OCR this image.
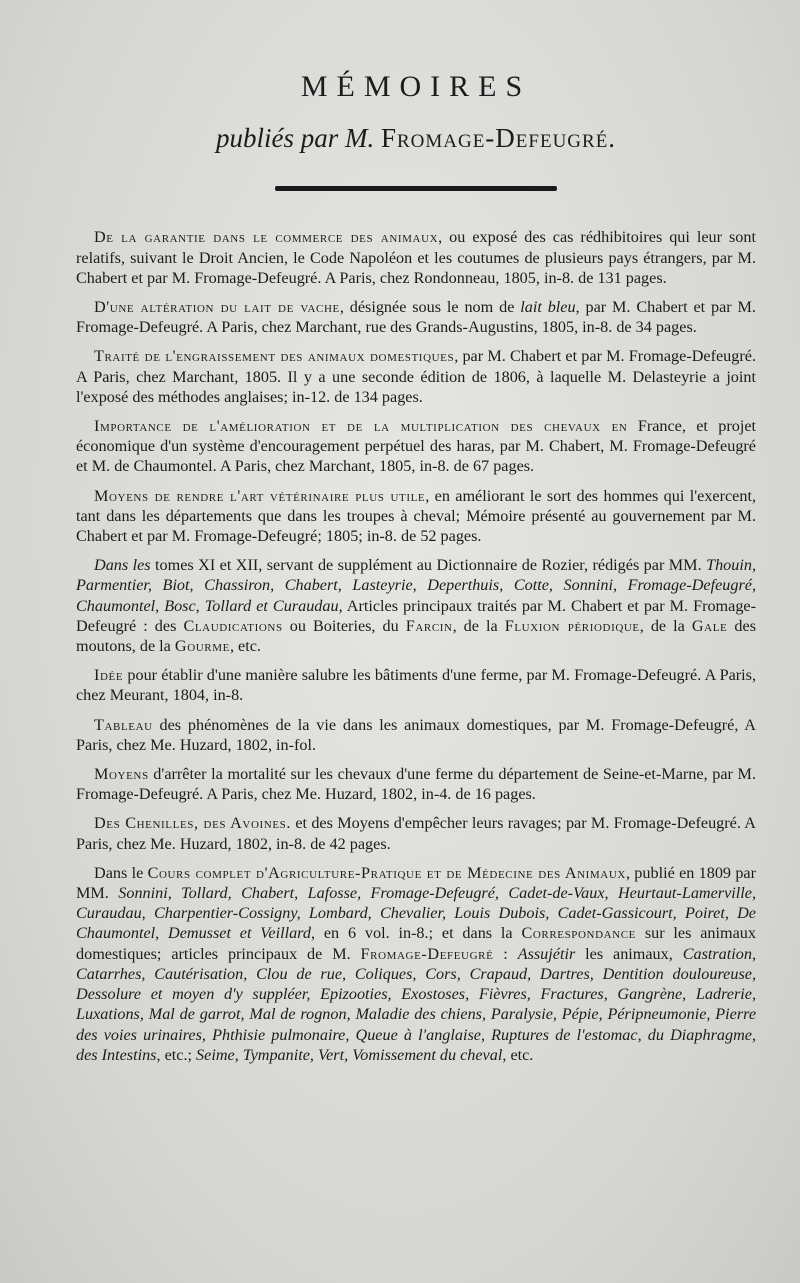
MÉMOIRES
publiés par M. Fromage-Defeugré.

De la garantie dans le commerce des animaux, ou exposé des cas rédhibitoires qui leur sont relatifs, suivant le Droit Ancien, le Code Napoléon et les coutumes de plusieurs pays étrangers, par M. Chabert et par M. Fromage-Defeugré. A Paris, chez Rondonneau, 1805, in-8. de 131 pages.

D'une altération du lait de vache, désignée sous le nom de lait bleu, par M. Chabert et par M. Fromage-Defeugré. A Paris, chez Marchant, rue des Grands-Augustins, 1805, in-8. de 34 pages.

Traité de l'engraissement des animaux domestiques, par M. Chabert et par M. Fromage-Defeugré. A Paris, chez Marchant, 1805. Il y a une seconde édition de 1806, à laquelle M. Delasteyrie a joint l'exposé des méthodes anglaises; in-12. de 134 pages.

Importance de l'amélioration et de la multiplication des chevaux en France, et projet économique d'un système d'encouragement perpétuel des haras, par M. Chabert, M. Fromage-Defeugré et M. de Chaumontel. A Paris, chez Marchant, 1805, in-8. de 67 pages.

Moyens de rendre l'art vétérinaire plus utile, en améliorant le sort des hommes qui l'exercent, tant dans les départements que dans les troupes à cheval; Mémoire présenté au gouvernement par M. Chabert et par M. Fromage-Defeugré; 1805; in-8. de 52 pages.

Dans les tomes XI et XII, servant de supplément au Dictionnaire de Rozier, rédigés par MM. Thouin, Parmentier, Biot, Chassiron, Chabert, Lasteyrie, Deperthuis, Cotte, Sonnini, Fromage-Defeugré, Chaumontel, Bosc, Tollard et Curaudau, Articles principaux traités par M. Chabert et par M. Fromage-Defeugré : des Claudications ou Boiteries, du Farcin, de la Fluxion périodique, de la Gale des moutons, de la Gourme, etc.

Idée pour établir d'une manière salubre les bâtiments d'une ferme, par M. Fromage-Defeugré. A Paris, chez Meurant, 1804, in-8.

Tableau des phénomènes de la vie dans les animaux domestiques, par M. Fromage-Defeugré, A Paris, chez Me. Huzard, 1802, in-fol.

Moyens d'arrêter la mortalité sur les chevaux d'une ferme du département de Seine-et-Marne, par M. Fromage-Defeugré. A Paris, chez Me. Huzard, 1802, in-4. de 16 pages.

Des Chenilles, des Avoines. et des Moyens d'empêcher leurs ravages; par M. Fromage-Defeugré. A Paris, chez Me. Huzard, 1802, in-8. de 42 pages.

Dans le Cours complet d'Agriculture-Pratique et de Médecine des Animaux, publié en 1809 par MM. Sonnini, Tollard, Chabert, Lafosse, Fromage-Defeugré, Cadet-de-Vaux, Heurtaut-Lamerville, Curaudau, Charpentier-Cossigny, Lombard, Chevalier, Louis Dubois, Cadet-Gassicourt, Poiret, De Chaumontel, Demusset et Veillard, en 6 vol. in-8.; et dans la Correspondance sur les animaux domestiques; articles principaux de M. Fromage-Defeugré : Assujétir les animaux, Castration, Catarrhes, Cautérisation, Clou de rue, Coliques, Cors, Crapaud, Dartres, Dentition douloureuse, Dessolure et moyen d'y suppléer, Epizooties, Exostoses, Fièvres, Fractures, Gangrène, Ladrerie, Luxations, Mal de garrot, Mal de rognon, Maladie des chiens, Paralysie, Pépie, Péripneumonie, Pierre des voies urinaires, Phthisie pulmonaire, Queue à l'anglaise, Ruptures de l'estomac, du Diaphragme, des Intestins, etc.; Seime, Tympanite, Vert, Vomissement du cheval, etc.
